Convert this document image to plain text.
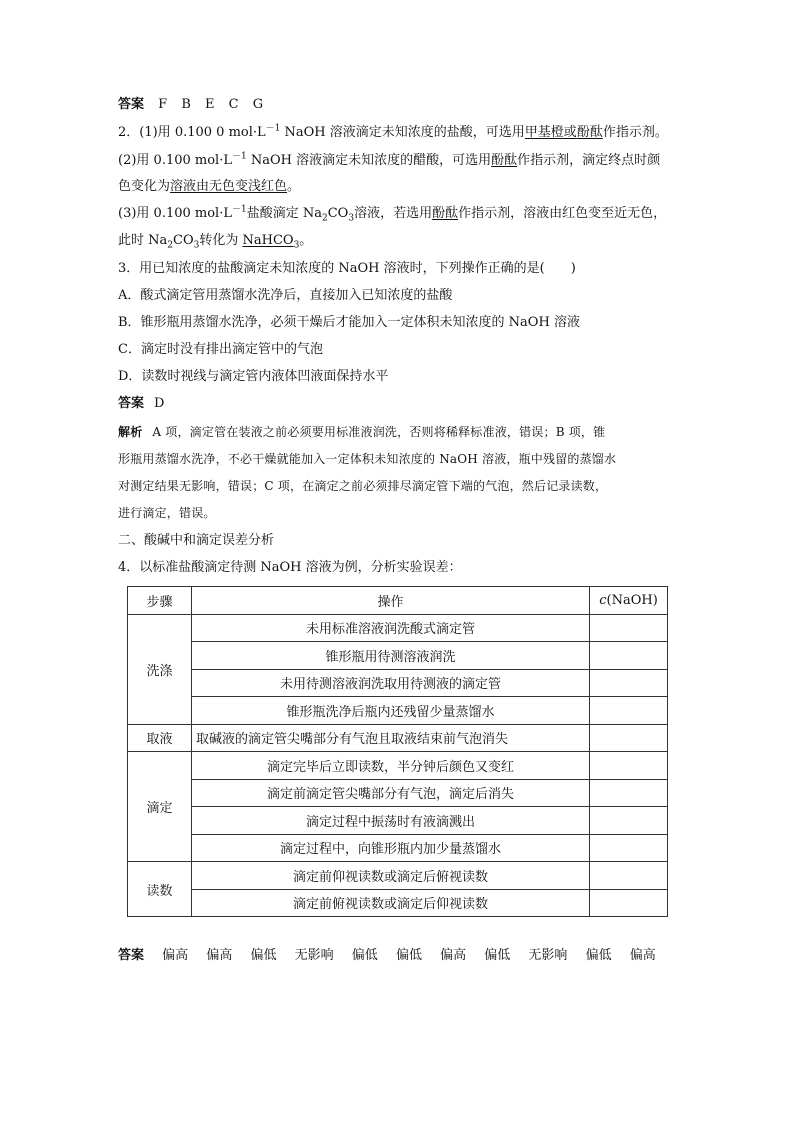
答案 F B E C G
2．(1)用 0.100 0 $mol\cdot L^{-1}$ NaOH 溶液滴定未知浓度的盐酸，可选用甲基橙或酚酞作指示剂。
(2)用 0.100 $mol\cdot L^{-1}$ NaOH 溶液滴定未知浓度的醋酸，可选用酚酞作指示剂，滴定终点时颜
色变化为溶液由无色变浅红色。
(3)用 0.100 $mol\cdot L^{-1}$盐酸滴定 $Na_2CO_3$溶液，若选用酚酞作指示剂，溶液由红色变至近无色，
此时 $Na_2CO_3$转化为 NaHCO$_3$。
3．用已知浓度的盐酸滴定未知浓度的 NaOH 溶液时，下列操作正确的是(　　)
A．酸式滴定管用蒸馏水洗净后，直接加入已知浓度的盐酸
B．锥形瓶用蒸馏水洗净，必须干燥后才能加入一定体积未知浓度的 NaOH 溶液
C．滴定时没有排出滴定管中的气泡
D．读数时视线与滴定管内液体凹液面保持水平
答案 D
解析 A 项，滴定管在装液之前必须要用标准液润洗，否则将稀释标准液，错误；B 项，锥
形瓶用蒸馏水洗净，不必干燥就能加入一定体积未知浓度的 NaOH 溶液，瓶中残留的蒸馏水
对测定结果无影响，错误；C 项，在滴定之前必须排尽滴定管下端的气泡，然后记录读数，
进行滴定，错误。
二、酸碱中和滴定误差分析
4．以标准盐酸滴定待测 NaOH 溶液为例，分析实验误差：
步骤	操作	c(NaOH)
洗涤	未用标准溶液润洗酸式滴定管	
	锥形瓶用待测溶液润洗	
	未用待测溶液润洗取用待测液的滴定管	
	锥形瓶洗净后瓶内还残留少量蒸馏水	
取液	取碱液的滴定管尖嘴部分有气泡且取液结束前气泡消失	
滴定	滴定完毕后立即读数，半分钟后颜色又变红	
	滴定前滴定管尖嘴部分有气泡，滴定后消失	
	滴定过程中振荡时有液滴溅出	
	滴定过程中，向锥形瓶内加少量蒸馏水	
读数	滴定前仰视读数或滴定后俯视读数	
	滴定前俯视读数或滴定后仰视读数	
答案 偏高 偏高 偏低 无影响 偏低 偏低 偏高 偏低 无影响 偏低 偏高
